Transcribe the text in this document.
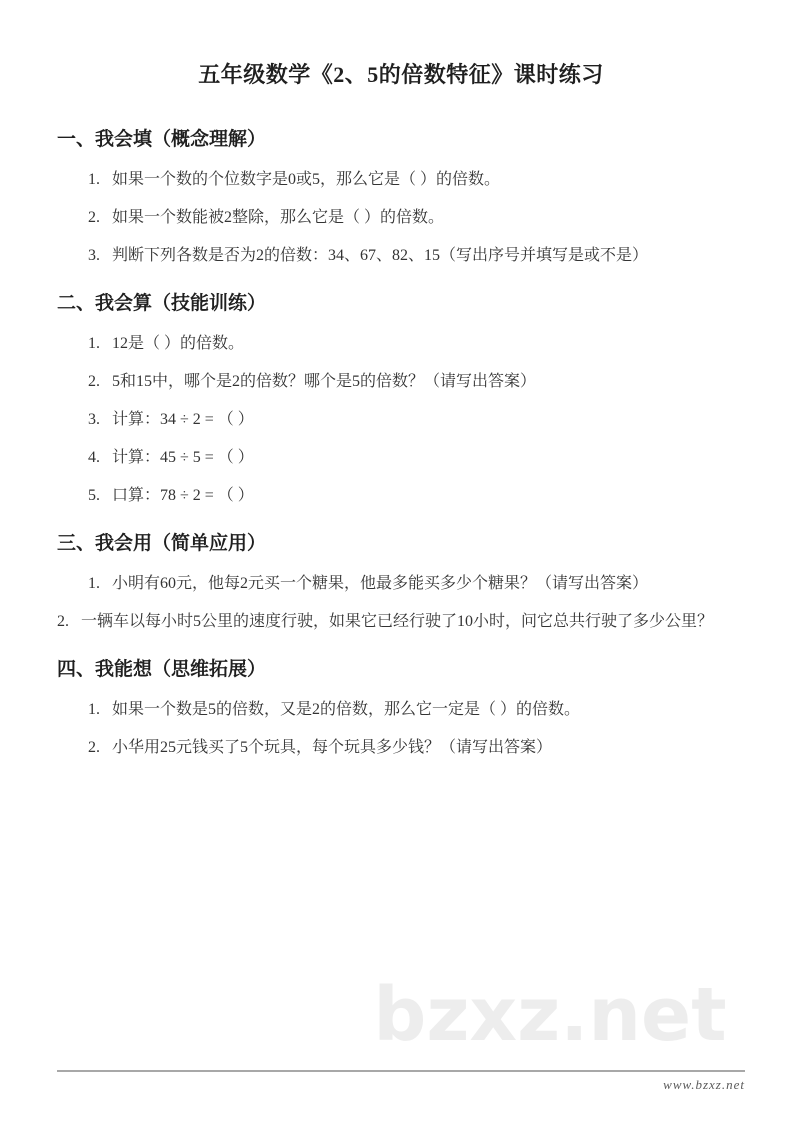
五年级数学《2、5的倍数特征》课时练习
一、我会填（概念理解）
1. 如果一个数的个位数字是0或5，那么它是（ ）的倍数。
2. 如果一个数能被2整除，那么它是（ ）的倍数。
3. 判断下列各数是否为2的倍数：34、67、82、15（写出序号并填写是或不是）
二、我会算（技能训练）
1. 12是（ ）的倍数。
2. 5和15中，哪个是2的倍数？哪个是5的倍数？（请写出答案）
3. 计算：34 ÷ 2 = （ ）
4. 计算：45 ÷ 5 = （ ）
5. 口算：78 ÷ 2 = （ ）
三、我会用（简单应用）
1. 小明有60元，他每2元买一个糖果，他最多能买多少个糖果？（请写出答案）
2. 一辆车以每小时5公里的速度行驶，如果它已经行驶了10小时，问它总共行驶了多少公里？
四、我能想（思维拓展）
1. 如果一个数是5的倍数，又是2的倍数，那么它一定是（ ）的倍数。
2. 小华用25元钱买了5个玩具，每个玩具多少钱？（请写出答案）
bzxz.net
www.bzxz.net
